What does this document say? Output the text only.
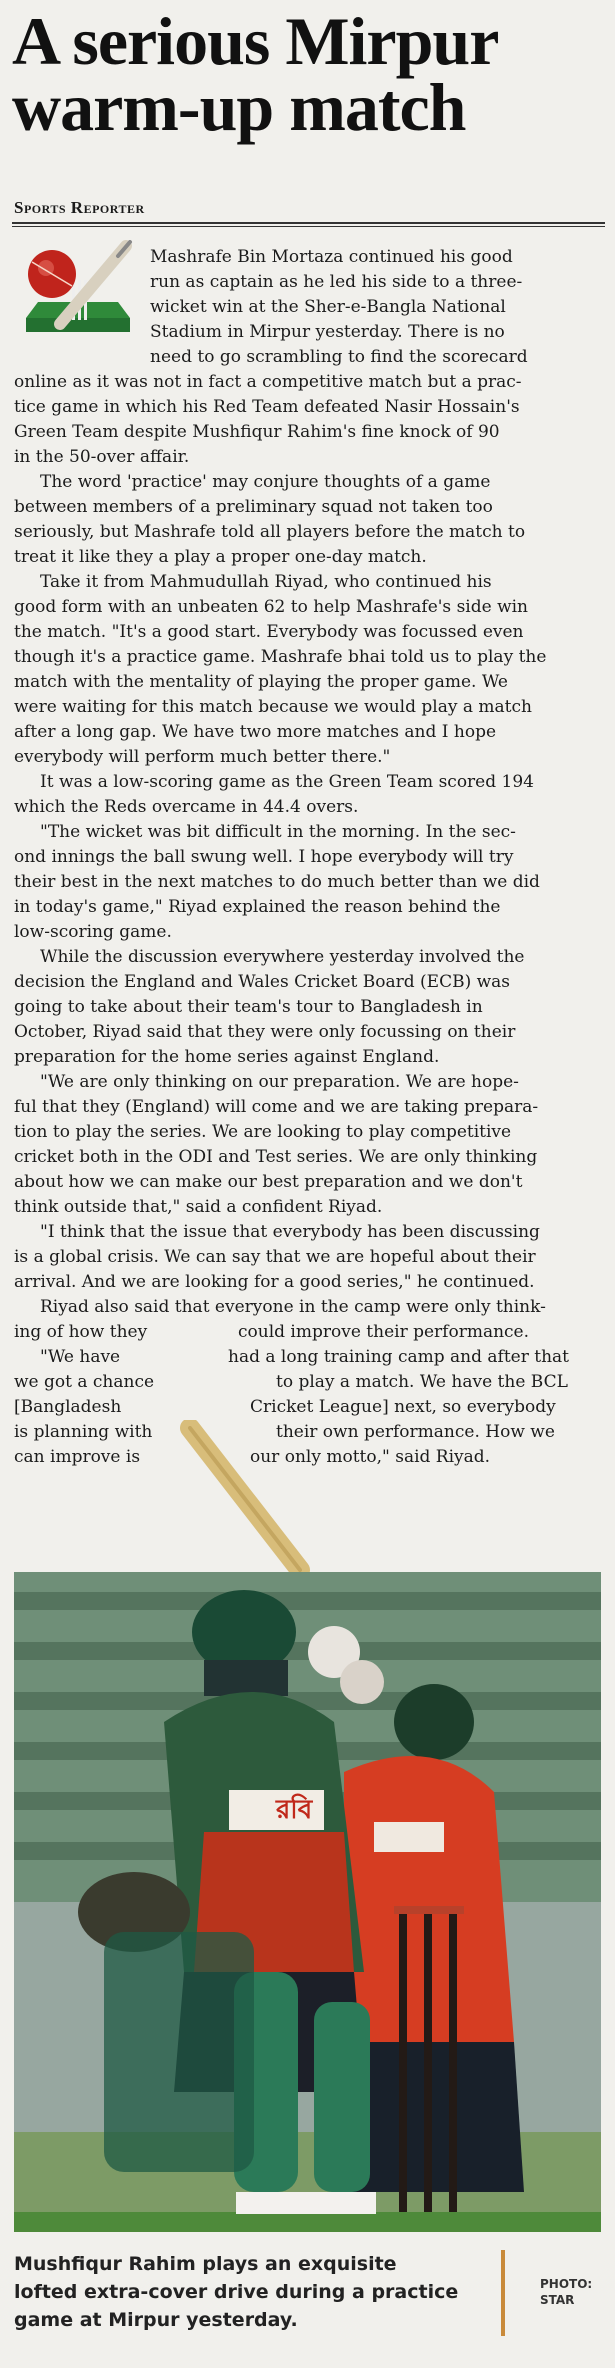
A serious Mirpur
warm-up match
Sports Reporter
Mashrafe Bin Mortaza continued his good
run as captain as he led his side to a three-
wicket win at the Sher-e-Bangla National
Stadium in Mirpur yesterday. There is no
need to go scrambling to find the scorecard
online as it was not in fact a competitive match but a prac-
tice game in which his Red Team defeated Nasir Hossain's
Green Team despite Mushfiqur Rahim's fine knock of 90
in the 50-over affair.
The word 'practice' may conjure thoughts of a game
between members of a preliminary squad not taken too
seriously, but Mashrafe told all players before the match to
treat it like they a play a proper one-day match.
Take it from Mahmudullah Riyad, who continued his
good form with an unbeaten 62 to help Mashrafe's side win
the match. "It's a good start. Everybody was focussed even
though it's a practice game. Mashrafe bhai told us to play the
match with the mentality of playing the proper game. We
were waiting for this match because we would play a match
after a long gap. We have two more matches and I hope
everybody will perform much better there."
It was a low-scoring game as the Green Team scored 194
which the Reds overcame in 44.4 overs.
"The wicket was bit difficult in the morning. In the sec-
ond innings the ball swung well. I hope everybody will try
their best in the next matches to do much better than we did
in today's game," Riyad explained the reason behind the
low-scoring game.
While the discussion everywhere yesterday involved the
decision the England and Wales Cricket Board (ECB) was
going to take about their team's tour to Bangladesh in
October, Riyad said that they were only focussing on their
preparation for the home series against England.
"We are only thinking on our preparation. We are hope-
ful that they (England) will come and we are taking prepara-
tion to play the series. We are looking to play competitive
cricket both in the ODI and Test series. We are only thinking
about how we can make our best preparation and we don't
think outside that," said a confident Riyad.
"I think that the issue that everybody has been discussing
is a global crisis. We can say that we are hopeful about their
arrival. And we are looking for a good series," he continued.
Riyad also said that everyone in the camp were only think-
ing of how they	could improve their performance.
"We have	had a long training camp and after that
we got a chance	to play a match. We have the BCL
[Bangladesh	Cricket League] next, so everybody
is planning with	their own performance. How we
can improve is	our only motto," said Riyad.
রবি
Mushfiqur Rahim plays an exquisite
lofted extra-cover drive during a practice
game at Mirpur yesterday.
PHOTO:
STAR
